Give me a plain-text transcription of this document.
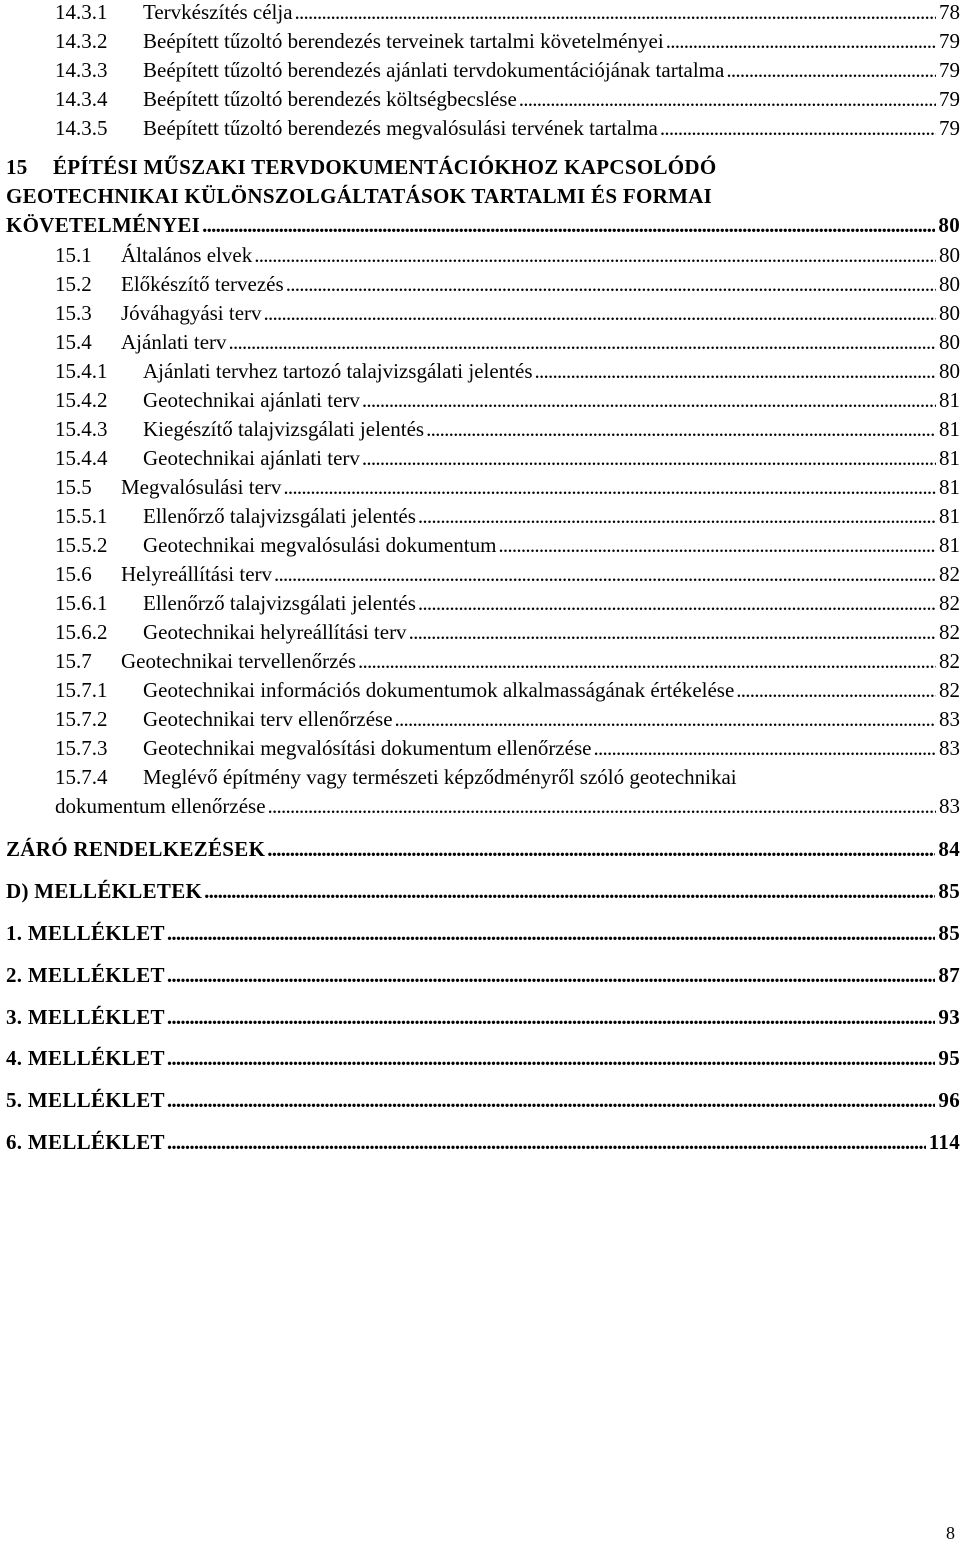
14.3.1	Tervkészítés célja . . .	78
14.3.2	Beépített tűzoltó berendezés terveinek tartalmi követelményei . . .	79
14.3.3	Beépített tűzoltó berendezés ajánlati tervdokumentációjának tartalma . . .	79
14.3.4	Beépített tűzoltó berendezés költségbecslése . . .	79
14.3.5	Beépített tűzoltó berendezés megvalósulási tervének tartalma . . .	79
15 ÉPÍTÉSI MŰSZAKI TERVDOKUMENTÁCIÓKHOZ KAPCSOLÓDÓ
GEOTECHNIKAI KÜLÖNSZOLGÁLTATÁSOK TARTALMI ÉS FORMAI
KÖVETELMÉNYEI . . .	80
15.1	Általános elvek . . .	80
15.2	Előkészítő tervezés . . .	80
15.3	Jóváhagyási terv . . .	80
15.4	Ajánlati terv . . .	80
15.4.1	Ajánlati tervhez tartozó talajvizsgálati jelentés . . .	80
15.4.2	Geotechnikai ajánlati terv . . .	81
15.4.3	Kiegészítő talajvizsgálati jelentés . . .	81
15.4.4	Geotechnikai ajánlati terv . . .	81
15.5	Megvalósulási terv . . .	81
15.5.1	Ellenőrző talajvizsgálati jelentés . . .	81
15.5.2	Geotechnikai megvalósulási dokumentum . . .	81
15.6	Helyreállítási terv . . .	82
15.6.1	Ellenőrző talajvizsgálati jelentés . . .	82
15.6.2	Geotechnikai helyreállítási terv . . .	82
15.7	Geotechnikai tervellenőrzés . . .	82
15.7.1	Geotechnikai információs dokumentumok alkalmasságának értékelése . . .	82
15.7.2	Geotechnikai terv ellenőrzése . . .	83
15.7.3	Geotechnikai megvalósítási dokumentum ellenőrzése . . .	83
15.7.4	Meglévő építmény vagy természeti képződményről szóló geotechnikai
dokumentum ellenőrzése . . .	83
ZÁRÓ RENDELKEZÉSEK . . .	84
D) MELLÉKLETEK . . .	85
1. MELLÉKLET . . .	85
2. MELLÉKLET . . .	87
3. MELLÉKLET . . .	93
4. MELLÉKLET . . .	95
5. MELLÉKLET . . .	96
6. MELLÉKLET . . .	114
8
